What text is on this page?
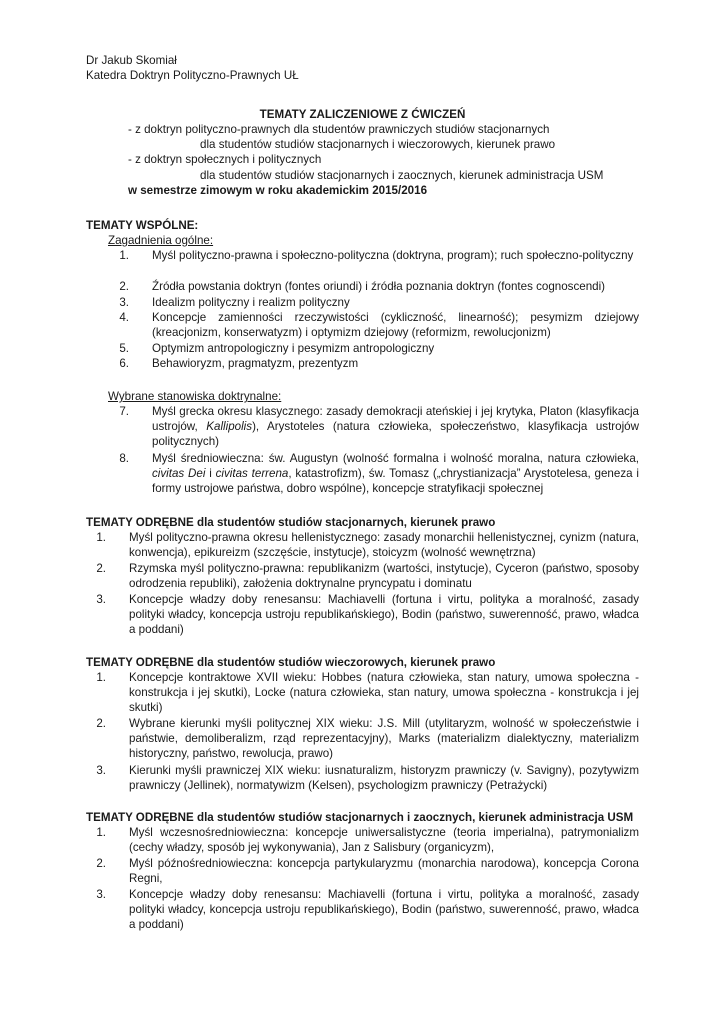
Dr Jakub Skomiał
Katedra Doktryn Polityczno-Prawnych UŁ
TEMATY ZALICZENIOWE Z ĆWICZEŃ
- z doktryn polityczno-prawnych dla studentów prawniczych studiów stacjonarnych
dla studentów studiów stacjonarnych i wieczorowych, kierunek prawo
- z doktryn społecznych i politycznych
dla studentów studiów stacjonarnych i zaocznych, kierunek administracja USM
w semestrze zimowym w roku akademickim 2015/2016
TEMATY WSPÓLNE:
Zagadnienia ogólne:
1. Myśl polityczno-prawna i społeczno-polityczna (doktryna, program); ruch społeczno-polityczny
2. Źródła powstania doktryn (fontes oriundi) i źródła poznania doktryn (fontes cognoscendi)
3. Idealizm polityczny i realizm polityczny
4. Koncepcje zamienności rzeczywistości (cykliczność, linearność); pesymizm dziejowy (kreacjonizm, konserwatyzm) i optymizm dziejowy (reformizm, rewolucjonizm)
5. Optymizm antropologiczny i pesymizm antropologiczny
6. Behawioryzm, pragmatyzm, prezentyzm
Wybrane stanowiska doktrynalne:
7. Myśl grecka okresu klasycznego: zasady demokracji ateńskiej i jej krytyka, Platon (klasyfikacja ustrojów, Kallipolis), Arystoteles (natura człowieka, społeczeństwo, klasyfikacja ustrojów politycznych)
8. Myśl średniowieczna: św. Augustyn (wolność formalna i wolność moralna, natura człowieka, civitas Dei i civitas terrena, katastrofizm), św. Tomasz („chrystianizacja” Arystotelesa, geneza i formy ustrojowe państwa, dobro wspólne), koncepcje stratyfikacji społecznej
TEMATY ODRĘBNE dla studentów studiów stacjonarnych, kierunek prawo
1. Myśl polityczno-prawna okresu hellenistycznego: zasady monarchii hellenistycznej, cynizm (natura, konwencja), epikureizm (szczęście, instytucje), stoicyzm (wolność wewnętrzna)
2. Rzymska myśl polityczno-prawna: republikanizm (wartości, instytucje), Cyceron (państwo, sposoby odrodzenia republiki), założenia doktrynalne pryncypatu i dominatu
3. Koncepcje władzy doby renesansu: Machiavelli (fortuna i virtu, polityka a moralność, zasady polityki władcy, koncepcja ustroju republikańskiego), Bodin (państwo, suwerenność, prawo, władca a poddani)
TEMATY ODRĘBNE dla studentów studiów wieczorowych, kierunek prawo
1. Koncepcje kontraktowe XVII wieku: Hobbes (natura człowieka, stan natury, umowa społeczna - konstrukcja i jej skutki), Locke (natura człowieka, stan natury, umowa społeczna - konstrukcja i jej skutki)
2. Wybrane kierunki myśli politycznej XIX wieku: J.S. Mill (utylitaryzm, wolność w społeczeństwie i państwie, demoliberalizm, rząd reprezentacyjny), Marks (materializm dialektyczny, materializm historyczny, państwo, rewolucja, prawo)
3. Kierunki myśli prawniczej XIX wieku: iusnaturalizm, historyzm prawniczy (v. Savigny), pozytywizm prawniczy (Jellinek), normatywizm (Kelsen), psychologizm prawniczy (Petrażycki)
TEMATY ODRĘBNE dla studentów studiów stacjonarnych i zaocznych, kierunek administracja USM
1. Myśl wczesnośredniowieczna: koncepcje uniwersalistyczne (teoria imperialna), patrymonializm (cechy władzy, sposób jej wykonywania), Jan z Salisbury (organicyzm),
2. Myśl późnośredniowieczna: koncepcja partykularyzmu (monarchia narodowa), koncepcja Corona Regni,
3. Koncepcje władzy doby renesansu: Machiavelli (fortuna i virtu, polityka a moralność, zasady polityki władcy, koncepcja ustroju republikańskiego), Bodin (państwo, suwerenność, prawo, władca a poddani)
